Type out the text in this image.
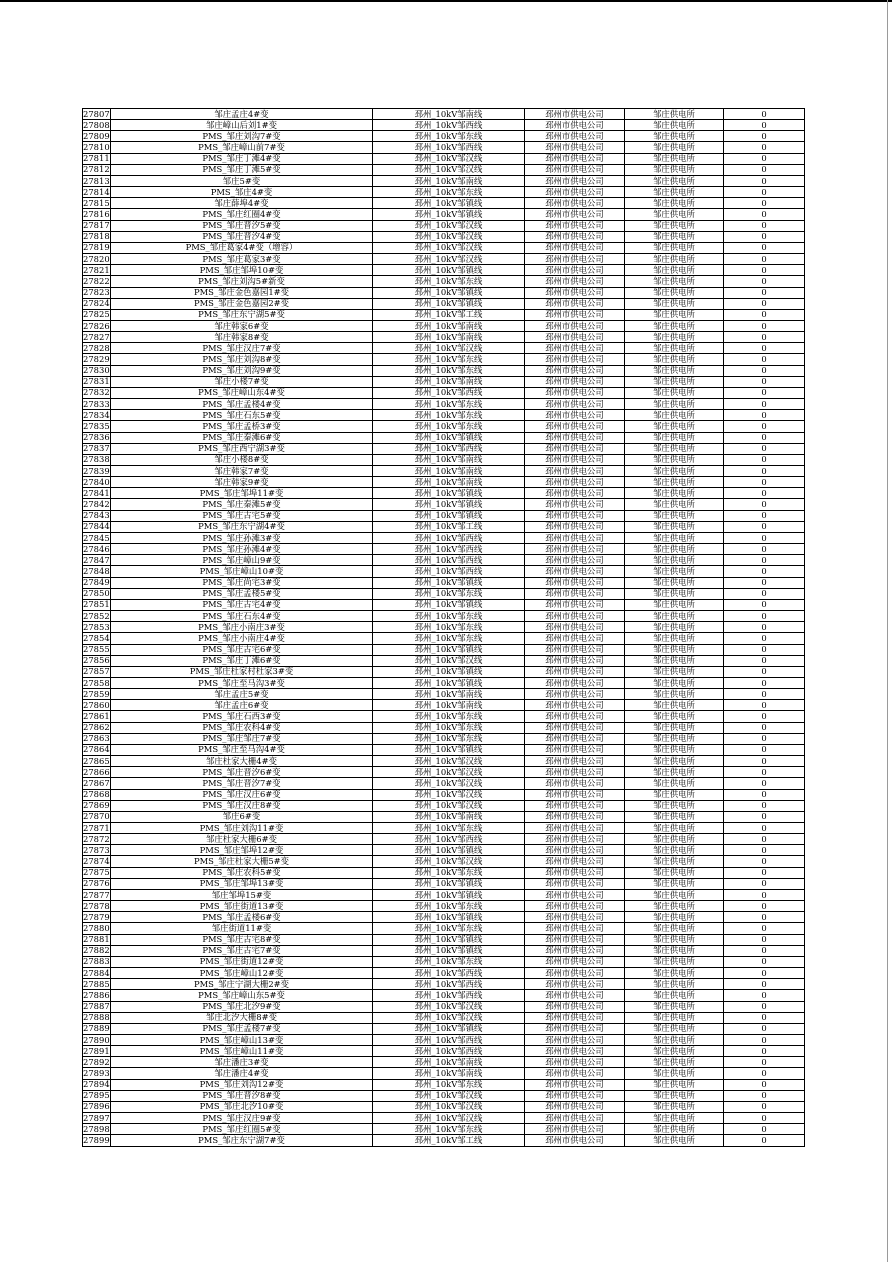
27807	邹庄孟庄4#变	邳州_10kV邹南线	邳州市供电公司	邹庄供电所	0
27808	邹庄嶂山后刘1#变	邳州_10kV邹西线	邳州市供电公司	邹庄供电所	0
27809	PMS_邹庄刘沟7#变	邳州_10kV邹东线	邳州市供电公司	邹庄供电所	0
27810	PMS_邹庄嶂山前7#变	邳州_10kV邹西线	邳州市供电公司	邹庄供电所	0
27811	PMS_邹庄丁滩4#变	邳州_10kV邹汉线	邳州市供电公司	邹庄供电所	0
27812	PMS_邹庄丁滩5#变	邳州_10kV邹汉线	邳州市供电公司	邹庄供电所	0
27813	邹庄5#变	邳州_10kV邹南线	邳州市供电公司	邹庄供电所	0
27814	PMS_邹庄4#变	邳州_10kV邹东线	邳州市供电公司	邹庄供电所	0
27815	邹庄薛埠4#变	邳州_10kV邹镇线	邳州市供电公司	邹庄供电所	0
27816	PMS_邹庄红圈4#变	邳州_10kV邹镇线	邳州市供电公司	邹庄供电所	0
27817	PMS_邹庄晋汐5#变	邳州_10kV邹汉线	邳州市供电公司	邹庄供电所	0
27818	PMS_邹庄晋汐4#变	邳州_10kV邹汉线	邳州市供电公司	邹庄供电所	0
27819	PMS_邹庄葛家4#变（增容）	邳州_10kV邹汉线	邳州市供电公司	邹庄供电所	0
27820	PMS_邹庄葛家3#变	邳州_10kV邹汉线	邳州市供电公司	邹庄供电所	0
27821	PMS_邹庄邹埠10#变	邳州_10kV邹镇线	邳州市供电公司	邹庄供电所	0
27822	PMS_邹庄刘沟5#新变	邳州_10kV邹东线	邳州市供电公司	邹庄供电所	0
27823	PMS_邹庄金色嘉园1#变	邳州_10kV邹镇线	邳州市供电公司	邹庄供电所	0
27824	PMS_邹庄金色嘉园2#变	邳州_10kV邹镇线	邳州市供电公司	邹庄供电所	0
27825	PMS_邹庄东宁湖5#变	邳州_10kV邹工线	邳州市供电公司	邹庄供电所	0
27826	邹庄韩家6#变	邳州_10kV邹南线	邳州市供电公司	邹庄供电所	0
27827	邹庄韩家8#变	邳州_10kV邹南线	邳州市供电公司	邹庄供电所	0
27828	PMS_邹庄汉庄7#变	邳州_10kV邹汉线	邳州市供电公司	邹庄供电所	0
27829	PMS_邹庄刘沟8#变	邳州_10kV邹东线	邳州市供电公司	邹庄供电所	0
27830	PMS_邹庄刘沟9#变	邳州_10kV邹东线	邳州市供电公司	邹庄供电所	0
27831	邹庄小楼7#变	邳州_10kV邹南线	邳州市供电公司	邹庄供电所	0
27832	PMS_邹庄嶂山东4#变	邳州_10kV邹西线	邳州市供电公司	邹庄供电所	0
27833	PMS_邹庄孟楼4#变	邳州_10kV邹东线	邳州市供电公司	邹庄供电所	0
27834	PMS_邹庄石东5#变	邳州_10kV邹东线	邳州市供电公司	邹庄供电所	0
27835	PMS_邹庄孟桥3#变	邳州_10kV邹东线	邳州市供电公司	邹庄供电所	0
27836	PMS_邹庄秦滩6#变	邳州_10kV邹镇线	邳州市供电公司	邹庄供电所	0
27837	PMS_邹庄西宁湖3#变	邳州_10kV邹西线	邳州市供电公司	邹庄供电所	0
27838	邹庄小楼8#变	邳州_10kV邹南线	邳州市供电公司	邹庄供电所	0
27839	邹庄韩家7#变	邳州_10kV邹南线	邳州市供电公司	邹庄供电所	0
27840	邹庄韩家9#变	邳州_10kV邹南线	邳州市供电公司	邹庄供电所	0
27841	PMS_邹庄邹埠11#变	邳州_10kV邹镇线	邳州市供电公司	邹庄供电所	0
27842	PMS_邹庄秦滩5#变	邳州_10kV邹镇线	邳州市供电公司	邹庄供电所	0
27843	PMS_邹庄古宅5#变	邳州_10kV邹镇线	邳州市供电公司	邹庄供电所	0
27844	PMS_邹庄东宁湖4#变	邳州_10kV邹工线	邳州市供电公司	邹庄供电所	0
27845	PMS_邹庄孙滩3#变	邳州_10kV邹西线	邳州市供电公司	邹庄供电所	0
27846	PMS_邹庄孙滩4#变	邳州_10kV邹西线	邳州市供电公司	邹庄供电所	0
27847	PMS_邹庄嶂山9#变	邳州_10kV邹西线	邳州市供电公司	邹庄供电所	0
27848	PMS_邹庄嶂山10#变	邳州_10kV邹西线	邳州市供电公司	邹庄供电所	0
27849	PMS_邹庄尚宅3#变	邳州_10kV邹镇线	邳州市供电公司	邹庄供电所	0
27850	PMS_邹庄孟楼5#变	邳州_10kV邹东线	邳州市供电公司	邹庄供电所	0
27851	PMS_邹庄古宅4#变	邳州_10kV邹镇线	邳州市供电公司	邹庄供电所	0
27852	PMS_邹庄石东4#变	邳州_10kV邹东线	邳州市供电公司	邹庄供电所	0
27853	PMS_邹庄小南庄3#变	邳州_10kV邹东线	邳州市供电公司	邹庄供电所	0
27854	PMS_邹庄小南庄4#变	邳州_10kV邹东线	邳州市供电公司	邹庄供电所	0
27855	PMS_邹庄古宅6#变	邳州_10kV邹镇线	邳州市供电公司	邹庄供电所	0
27856	PMS_邹庄丁滩6#变	邳州_10kV邹汉线	邳州市供电公司	邹庄供电所	0
27857	PMS_邹庄杜家村杜家3#变	邳州_10kV邹镇线	邳州市供电公司	邹庄供电所	0
27858	PMS_邹庄至马沟3#变	邳州_10kV邹镇线	邳州市供电公司	邹庄供电所	0
27859	邹庄孟庄5#变	邳州_10kV邹南线	邳州市供电公司	邹庄供电所	0
27860	邹庄孟庄6#变	邳州_10kV邹南线	邳州市供电公司	邹庄供电所	0
27861	PMS_邹庄石西3#变	邳州_10kV邹东线	邳州市供电公司	邹庄供电所	0
27862	PMS_邹庄农科4#变	邳州_10kV邹东线	邳州市供电公司	邹庄供电所	0
27863	PMS_邹庄邹庄7#变	邳州_10kV邹东线	邳州市供电公司	邹庄供电所	0
27864	PMS_邹庄至马沟4#变	邳州_10kV邹镇线	邳州市供电公司	邹庄供电所	0
27865	邹庄杜家大栅4#变	邳州_10kV邹汉线	邳州市供电公司	邹庄供电所	0
27866	PMS_邹庄晋汐6#变	邳州_10kV邹汉线	邳州市供电公司	邹庄供电所	0
27867	PMS_邹庄晋汐7#变	邳州_10kV邹汉线	邳州市供电公司	邹庄供电所	0
27868	PMS_邹庄汉庄6#变	邳州_10kV邹汉线	邳州市供电公司	邹庄供电所	0
27869	PMS_邹庄汉庄8#变	邳州_10kV邹汉线	邳州市供电公司	邹庄供电所	0
27870	邹庄6#变	邳州_10kV邹南线	邳州市供电公司	邹庄供电所	0
27871	PMS_邹庄刘沟11#变	邳州_10kV邹东线	邳州市供电公司	邹庄供电所	0
27872	邹庄杜家大栅6#变	邳州_10kV邹西线	邳州市供电公司	邹庄供电所	0
27873	PMS_邹庄邹埠12#变	邳州_10kV邹镇线	邳州市供电公司	邹庄供电所	0
27874	PMS_邹庄杜家大栅5#变	邳州_10kV邹汉线	邳州市供电公司	邹庄供电所	0
27875	PMS_邹庄农科5#变	邳州_10kV邹东线	邳州市供电公司	邹庄供电所	0
27876	PMS_邹庄邹埠13#变	邳州_10kV邹镇线	邳州市供电公司	邹庄供电所	0
27877	邹庄邹埠15#变	邳州_10kV邹镇线	邳州市供电公司	邹庄供电所	0
27878	PMS_邹庄街道13#变	邳州_10kV邹东线	邳州市供电公司	邹庄供电所	0
27879	PMS_邹庄孟楼6#变	邳州_10kV邹镇线	邳州市供电公司	邹庄供电所	0
27880	邹庄街道11#变	邳州_10kV邹东线	邳州市供电公司	邹庄供电所	0
27881	PMS_邹庄古宅8#变	邳州_10kV邹镇线	邳州市供电公司	邹庄供电所	0
27882	PMS_邹庄古宅7#变	邳州_10kV邹镇线	邳州市供电公司	邹庄供电所	0
27883	PMS_邹庄街道12#变	邳州_10kV邹东线	邳州市供电公司	邹庄供电所	0
27884	PMS_邹庄嶂山12#变	邳州_10kV邹西线	邳州市供电公司	邹庄供电所	0
27885	PMS_邹庄宁湖大栅2#变	邳州_10kV邹西线	邳州市供电公司	邹庄供电所	0
27886	PMS_邹庄嶂山东5#变	邳州_10kV邹西线	邳州市供电公司	邹庄供电所	0
27887	PMS_邹庄北汐9#变	邳州_10kV邹汉线	邳州市供电公司	邹庄供电所	0
27888	邹庄北汐大栅8#变	邳州_10kV邹汉线	邳州市供电公司	邹庄供电所	0
27889	PMS_邹庄孟楼7#变	邳州_10kV邹镇线	邳州市供电公司	邹庄供电所	0
27890	PMS_邹庄嶂山13#变	邳州_10kV邹西线	邳州市供电公司	邹庄供电所	0
27891	PMS_邹庄嶂山11#变	邳州_10kV邹西线	邳州市供电公司	邹庄供电所	0
27892	邹庄潘庄3#变	邳州_10kV邹南线	邳州市供电公司	邹庄供电所	0
27893	邹庄潘庄4#变	邳州_10kV邹南线	邳州市供电公司	邹庄供电所	0
27894	PMS_邹庄刘沟12#变	邳州_10kV邹东线	邳州市供电公司	邹庄供电所	0
27895	PMS_邹庄晋汐8#变	邳州_10kV邹汉线	邳州市供电公司	邹庄供电所	0
27896	PMS_邹庄北汐10#变	邳州_10kV邹汉线	邳州市供电公司	邹庄供电所	0
27897	PMS_邹庄汉庄9#变	邳州_10kV邹汉线	邳州市供电公司	邹庄供电所	0
27898	PMS_邹庄红圈5#变	邳州_10kV邹东线	邳州市供电公司	邹庄供电所	0
27899	PMS_邹庄东宁湖7#变	邳州_10kV邹工线	邳州市供电公司	邹庄供电所	0
